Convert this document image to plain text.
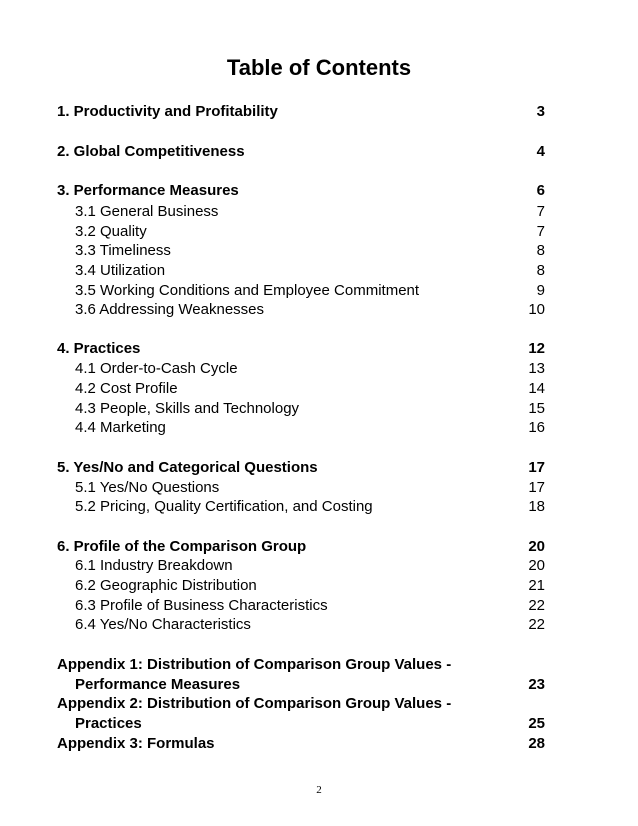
Table of Contents
1. Productivity and Profitability	3
2. Global Competitiveness	4
3. Performance Measures	6
3.1 General Business	7
3.2 Quality	7
3.3 Timeliness	8
3.4 Utilization	8
3.5 Working Conditions and Employee Commitment	9
3.6 Addressing Weaknesses	10
4. Practices	12
4.1 Order-to-Cash Cycle	13
4.2 Cost Profile	14
4.3 People, Skills and Technology	15
4.4 Marketing	16
5. Yes/No and Categorical Questions	17
5.1 Yes/No Questions	17
5.2 Pricing, Quality Certification, and Costing	18
6. Profile of the Comparison Group	20
6.1 Industry Breakdown	20
6.2 Geographic Distribution	21
6.3 Profile of Business Characteristics	22
6.4 Yes/No Characteristics	22
Appendix 1: Distribution of Comparison Group Values -
Performance Measures	23
Appendix 2: Distribution of Comparison Group Values -
Practices	25
Appendix 3: Formulas	28
2
